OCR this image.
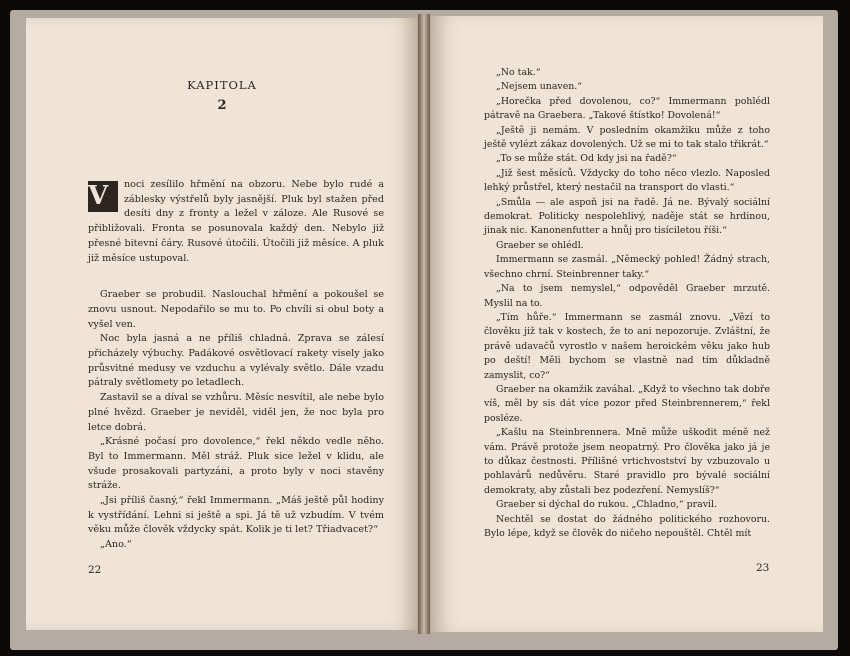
KAPITOLA
2

V	noci zesílilo hřmění na obzoru. Nebe bylo rudé a záblesky výstřelů byly jasnější. Pluk byl stažen před desíti dny z fronty a ležel v záloze. Ale Rusové se přibližovali. Fronta se posunovala každý den. Nebylo již přesné bitevní čáry. Rusové útočili. Útočili již měsíce. A pluk již měsíce ustupoval.

Graeber se probudil. Naslouchal hřmění a pokoušel se znovu usnout. Nepodařilo se mu to. Po chvíli si obul boty a vyšel ven.

Noc byla jasná a ne příliš chladná. Zprava se zálesí přicházely výbuchy. Padákové osvětlovací rakety visely jako průsvitné medusy ve vzduchu a vylévaly světlo. Dále vzadu pátraly světlomety po letadlech.

Zastavil se a díval se vzhůru. Měsíc nesvítil, ale nebe bylo plné hvězd. Graeber je neviděl, viděl jen, že noc byla pro letce dobrá.

„Krásné počasí pro dovolence,“ řekl někdo vedle něho. Byl to Immermann. Měl stráž. Pluk sice ležel v klidu, ale všude prosakovali partyzáni, a proto byly v noci stavěny stráže.

„Jsi příliš časný,“ řekl Immermann. „Máš ještě půl hodiny k vystřídání. Lehni si ještě a spi. Já tě už vzbudím. V tvém věku může člověk vždycky spát. Kolik je ti let? Třiadvacet?“

„Ano.“

22

„No tak.“

„Nejsem unaven.“

„Horečka před dovolenou, co?“ Immermann pohlédl pátravě na Graebera. „Takové štístko! Dovolená!“

„Ještě ji nemám. V posledním okamžiku může z toho ještě vylézt zákaz dovolených. Už se mi to tak stalo třikrát.“

„To se může stát. Od kdy jsi na řadě?“

„Již šest měsíců. Vždycky do toho něco vlezlo. Naposled lehký průstřel, který nestačil na transport do vlasti.“

„Smůla — ale aspoň jsi na řadě. Já ne. Bývalý sociální demokrat. Politicky nespolehlivý, naděje stát se hrdinou, jinak nic. Kanonenfutter a hnůj pro tisíciletou říši.“

Graeber se ohlédl.

Immermann se zasmál. „Německý pohled! Žádný strach, všechno chrní. Steinbrenner taky.“

„Na to jsem nemyslel,“ odpověděl Graeber mrzutě. Myslil na to.

„Tím hůře.“ Immermann se zasmál znovu. „Vězí to člověku již tak v kostech, že to ani nepozoruje. Zvláštní, že právě udavačů vyrostlo v našem heroickém věku jako hub po deští! Měli bychom se vlastně nad tím důkladně zamyslit, co?“

Graeber na okamžik zaváhal. „Když to všechno tak dobře víš, měl by sis dát více pozor před Steinbrennerem,“ řekl posléze.

„Kašlu na Steinbrennera. Mně může uškodit méně než vám. Právě protože jsem neopatrný. Pro člověka jako já je to důkaz čestnosti. Přílišné vrtichvostství by vzbuzovalo u pohlavárů nedůvěru. Staré pravidlo pro bývalé sociální demokraty, aby zůstali bez podezření. Nemyslíš?“

Graeber si dýchal do rukou. „Chladno,“ pravil.

Nechtěl se dostat do žádného politického rozhovoru. Bylo lépe, když se člověk do ničeho nepouštěl. Chtěl mít

23
